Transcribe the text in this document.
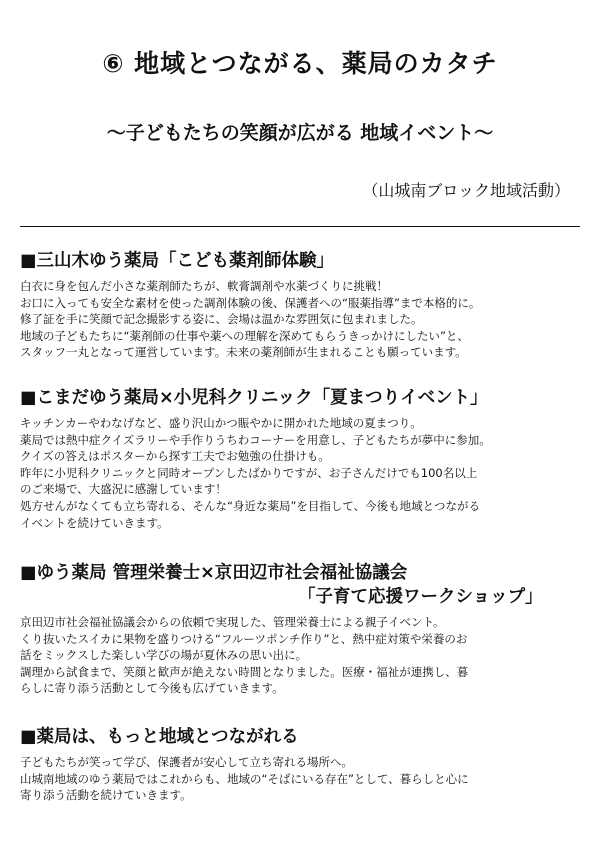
⑥ 地域とつながる、薬局のカタチ
～子どもたちの笑顔が広がる 地域イベント～
（山城南ブロック地域活動）
■三山木ゆう薬局「こども薬剤師体験」
白衣に身を包んだ小さな薬剤師たちが、軟膏調剤や水薬づくりに挑戦！
お口に入っても安全な素材を使った調剤体験の後、保護者への“服薬指導”まで本格的に。
修了証を手に笑顔で記念撮影する姿に、会場は温かな雰囲気に包まれました。
地域の子どもたちに“薬剤師の仕事や薬への理解を深めてもらうきっかけにしたい”と、
スタッフ一丸となって運営しています。未来の薬剤師が生まれることも願っています。
■こまだゆう薬局×小児科クリニック「夏まつりイベント」
キッチンカーやわなげなど、盛り沢山かつ賑やかに開かれた地域の夏まつり。
薬局では熱中症クイズラリーや手作りうちわコーナーを用意し、子どもたちが夢中に参加。
クイズの答えはポスターから探す工夫でお勉強の仕掛けも。
昨年に小児科クリニックと同時オープンしたばかりですが、お子さんだけでも100名以上
のご来場で、大盛況に感謝しています！
処方せんがなくても立ち寄れる、そんな“身近な薬局”を目指して、今後も地域とつながる
イベントを続けていきます。
■ゆう薬局 管理栄養士×京田辺市社会福祉協議会
「子育て応援ワークショップ」
京田辺市社会福祉協議会からの依頼で実現した、管理栄養士による親子イベント。
くり抜いたスイカに果物を盛りつける“フルーツポンチ作り”と、熱中症対策や栄養のお
話をミックスした楽しい学びの場が夏休みの思い出に。
調理から試食まで、笑顔と歓声が絶えない時間となりました。医療・福祉が連携し、暮
らしに寄り添う活動として今後も広げていきます。
■薬局は、もっと地域とつながれる
子どもたちが笑って学び、保護者が安心して立ち寄れる場所へ。
山城南地域のゆう薬局ではこれからも、地域の“そばにいる存在”として、暮らしと心に
寄り添う活動を続けていきます。
